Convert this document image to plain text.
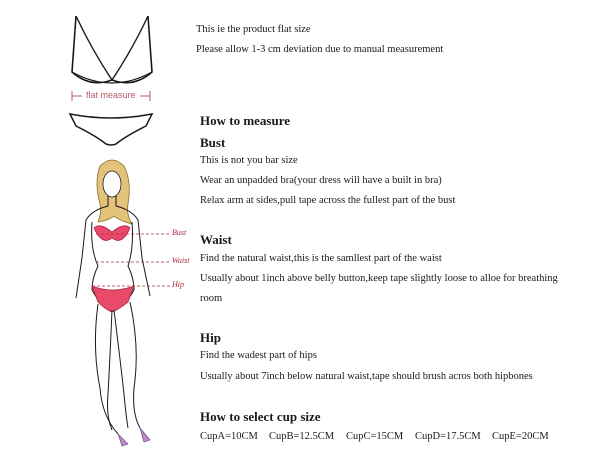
flat measure
Bust
Waist
Hip
This ie the product flat size
Please allow 1-3 cm deviation due to manual measurement
How to measure
Bust
This is not you bar size
Wear an unpadded bra(your dress will have a built in bra)
Relax arm at sides,pull tape across the fullest part of the bust
Waist
Find the natural waist,this is the samllest part of the waist
Usually about 1inch above belly button,keep tape slightly loose to alloe for breathing
room
Hip
Find the wadest part of hips
Usually about 7inch below natural waist,tape should brush acros both hipbones
How to select cup size
CupA=10CM CupB=12.5CM CupC=15CM CupD=17.5CM CupE=20CM
